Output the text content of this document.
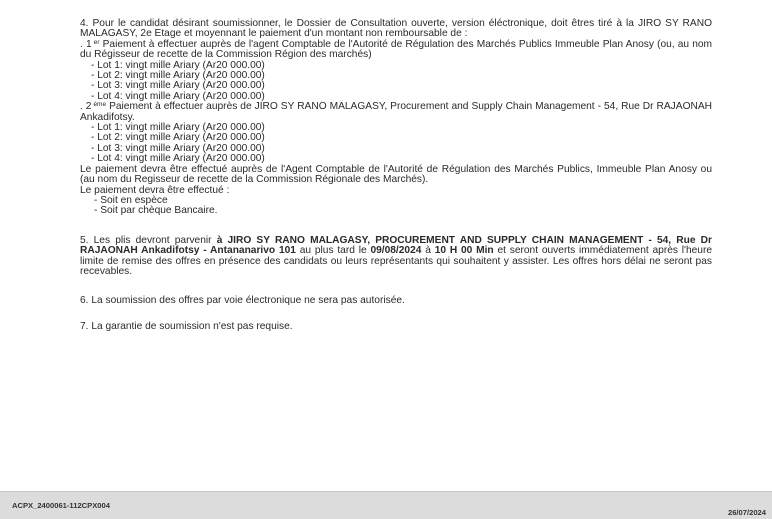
4. Pour le candidat désirant soumissionner, le Dossier de Consultation ouverte, version éléctronique, doit êtres tiré à la JIRO SY RANO MALAGASY, 2e Etage et moyennant le paiement d'un montant non remboursable de :

. 1 $^{er}$ Paiement à effectuer auprès de l'agent Comptable de l'Autorité de Régulation des Marchés Publics Immeuble Plan Anosy (ou, au nom du Régisseur de recette de la Commission Région des marchés)

- Lot 1: vingt mille Ariary (Ar20 000.00)

- Lot 2: vingt mille Ariary (Ar20 000.00)

- Lot 3: vingt mille Ariary (Ar20 000.00)

- Lot 4: vingt mille Ariary (Ar20 000.00)

. 2 $^{ème}$ Paiement à effectuer auprès de JIRO SY RANO MALAGASY, Procurement and Supply Chain Management - 54, Rue Dr RAJAONAH Ankadifotsy.

- Lot 1: vingt mille Ariary (Ar20 000.00)

- Lot 2: vingt mille Ariary (Ar20 000.00)

- Lot 3: vingt mille Ariary (Ar20 000.00)

- Lot 4: vingt mille Ariary (Ar20 000.00)

Le paiement devra être effectué auprès de l'Agent Comptable de l'Autorité de Régulation des Marchés Publics, Immeuble Plan Anosy ou (au nom du Regisseur de recette de la Commission Régionale des Marchés).

Le paiement devra être effectué :

- Soit en espèce

- Soit par chèque Bancaire.

5. Les plis devront parvenir à JIRO SY RANO MALAGASY, PROCUREMENT AND SUPPLY CHAIN MANAGEMENT - 54, Rue Dr RAJAONAH Ankadifotsy - Antananarivo 101 au plus tard le 09/08/2024 à 10 H 00 Min et seront ouverts immédiatement après l'heure limite de remise des offres en présence des candidats ou leurs représentants qui souhaitent y assister. Les offres hors délai ne seront pas recevables.

6. La soumission des offres par voie électronique ne sera pas autorisée.

7. La garantie de soumission n'est pas requise.

ACPX_2400061-112CPX004
26/07/2024
